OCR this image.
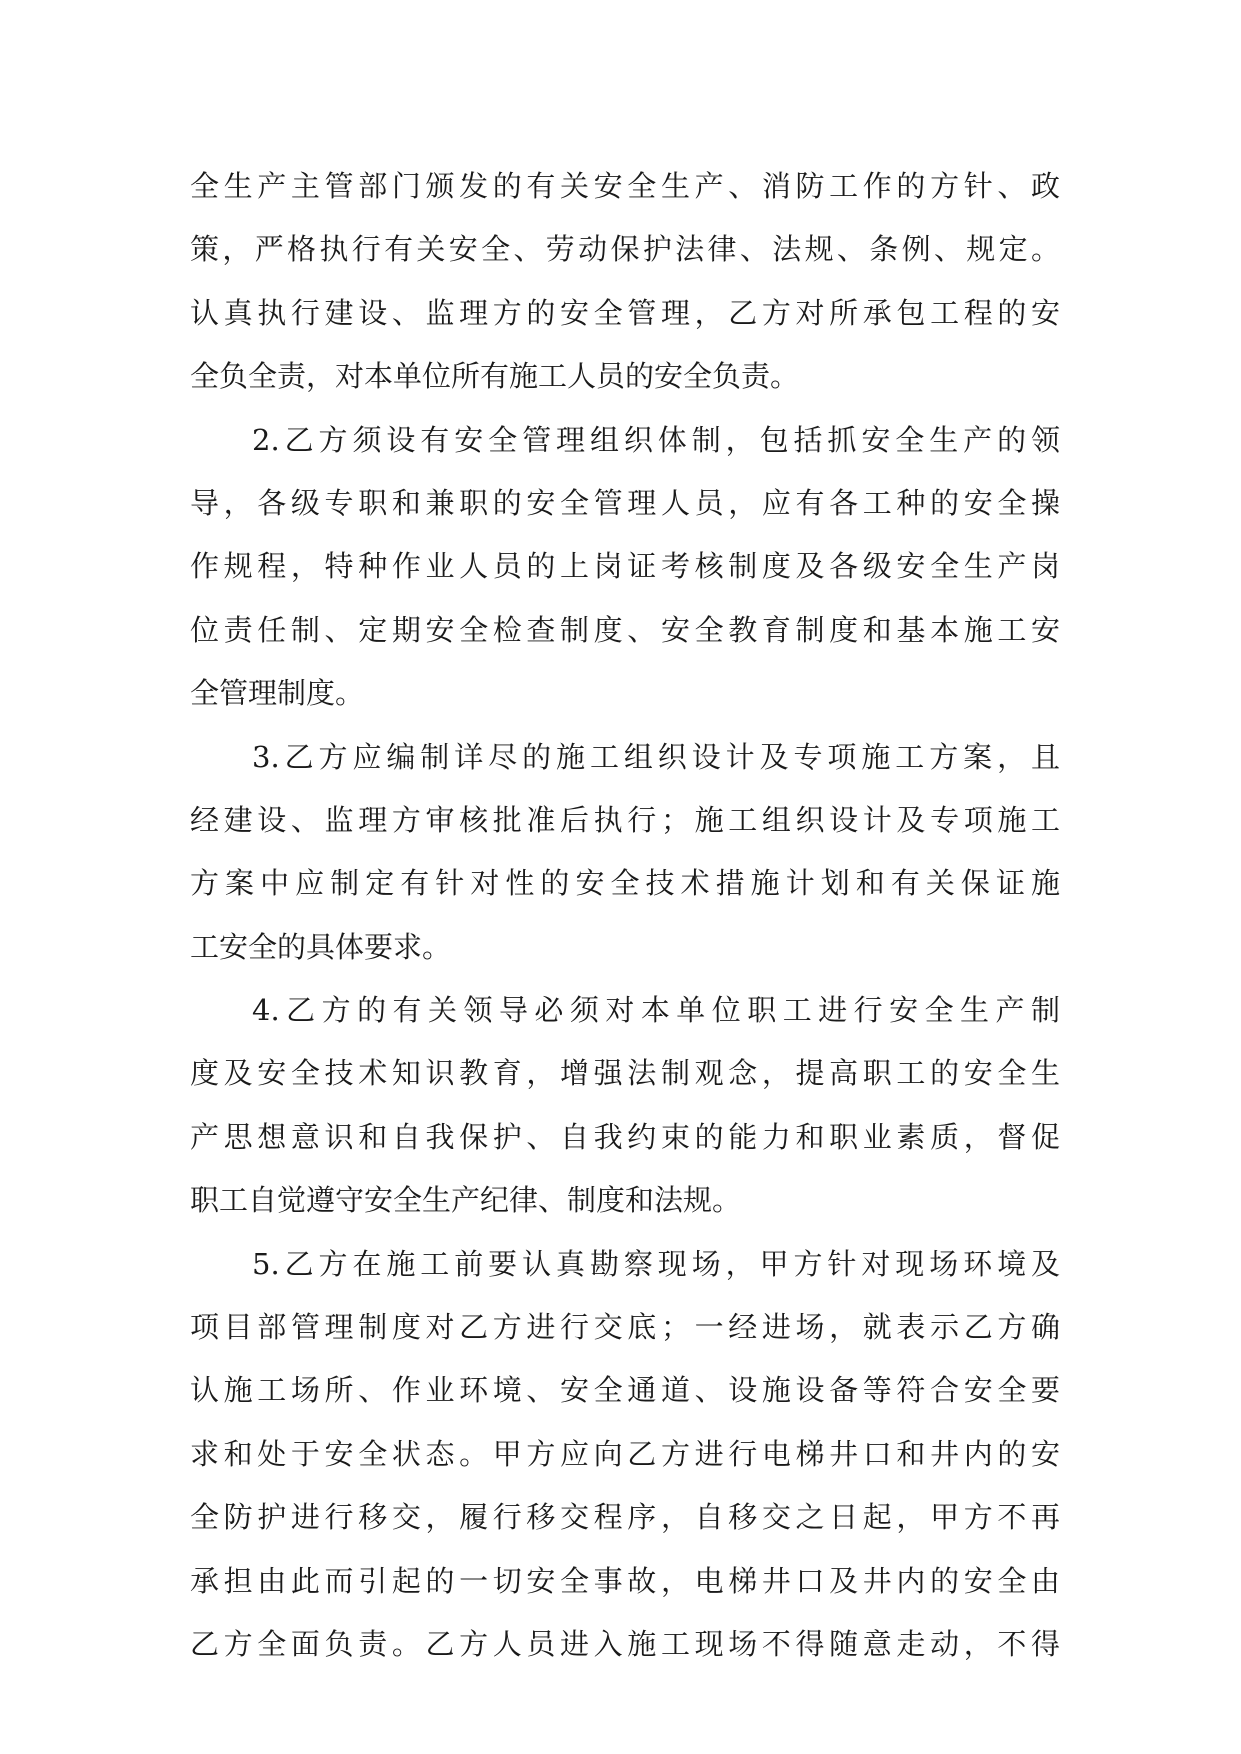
全生产主管部门颁发的有关安全生产、消防工作的方针、政
策，严格执行有关安全、劳动保护法律、法规、条例、规定。
认真执行建设、监理方的安全管理，乙方对所承包工程的安
全负全责，对本单位所有施工人员的安全负责。
2.乙方须设有安全管理组织体制，包括抓安全生产的领
导，各级专职和兼职的安全管理人员，应有各工种的安全操
作规程，特种作业人员的上岗证考核制度及各级安全生产岗
位责任制、定期安全检查制度、安全教育制度和基本施工安
全管理制度。
3.乙方应编制详尽的施工组织设计及专项施工方案，且
经建设、监理方审核批准后执行；施工组织设计及专项施工
方案中应制定有针对性的安全技术措施计划和有关保证施
工安全的具体要求。
4.乙方的有关领导必须对本单位职工进行安全生产制
度及安全技术知识教育，增强法制观念，提高职工的安全生
产思想意识和自我保护、自我约束的能力和职业素质，督促
职工自觉遵守安全生产纪律、制度和法规。
5.乙方在施工前要认真勘察现场，甲方针对现场环境及
项目部管理制度对乙方进行交底；一经进场，就表示乙方确
认施工场所、作业环境、安全通道、设施设备等符合安全要
求和处于安全状态。甲方应向乙方进行电梯井口和井内的安
全防护进行移交，履行移交程序，自移交之日起，甲方不再
承担由此而引起的一切安全事故，电梯井口及井内的安全由
乙方全面负责。乙方人员进入施工现场不得随意走动，不得
